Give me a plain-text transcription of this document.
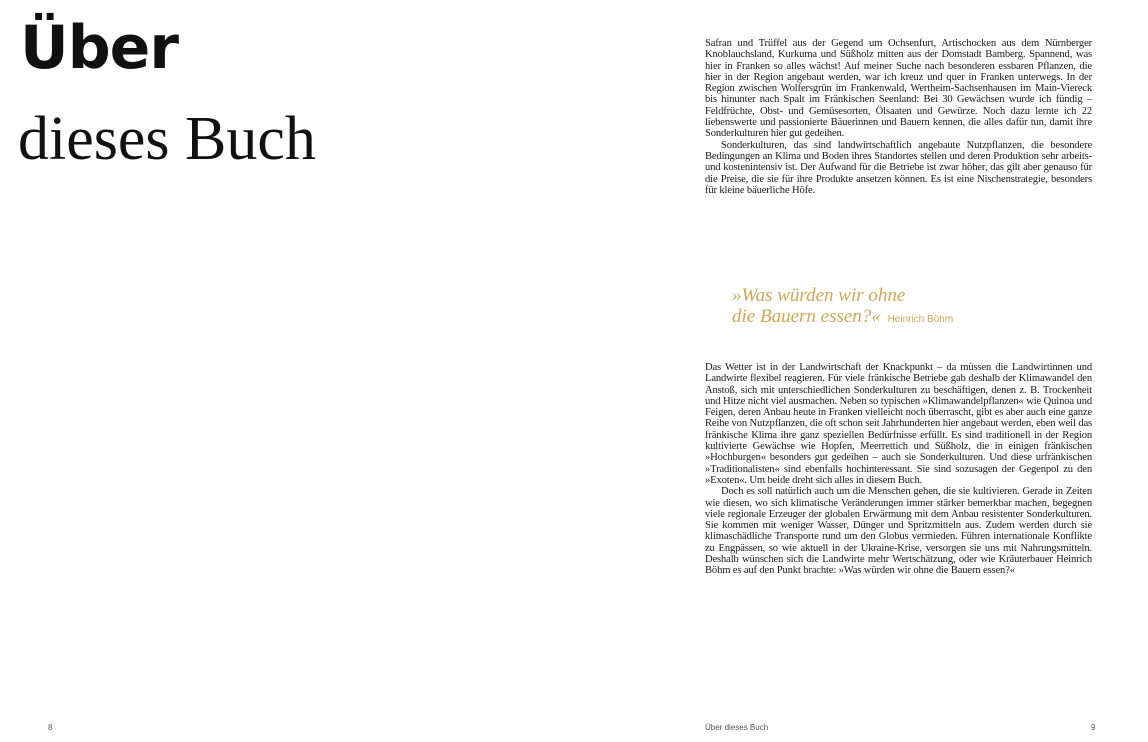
Über
dieses Buch
8

Safran und Trüffel aus der Gegend um Ochsenfurt, Artischocken aus dem Nürnberger Knoblauchsland, Kurkuma und Süßholz mitten aus der Domstadt Bamberg. Spannend, was hier in Franken so alles wächst! Auf meiner Suche nach besonderen essbaren Pflanzen, die hier in der Region angebaut werden, war ich kreuz und quer in Franken unterwegs. In der Region zwischen Wolfersgrün im Frankenwald, Wertheim-Sachsenhausen im Main-Viereck bis hinunter nach Spalt im Fränkischen Seenland: Bei 30 Gewächsen wurde ich fündig – Feldfrüchte, Obst- und Gemüsesorten, Ölsaaten und Gewürze. Noch dazu lernte ich 22 liebenswerte und passionierte Bäuerinnen und Bauern kennen, die alles dafür tun, damit ihre Sonderkulturen hier gut gedeihen.

Sonderkulturen, das sind landwirtschaftlich angebaute Nutzpflanzen, die besondere Bedingungen an Klima und Boden ihres Standortes stellen und deren Produktion sehr arbeits- und kostenintensiv ist. Der Aufwand für die Betriebe ist zwar höher, das gilt aber genauso für die Preise, die sie für ihre Produkte ansetzen können. Es ist eine Nischenstrategie, besonders für kleine bäuerliche Höfe.

»Was würden wir ohne
die Bauern essen?« Heinrich Böhm

Das Wetter ist in der Landwirtschaft der Knackpunkt – da müssen die Landwirtinnen und Landwirte flexibel reagieren. Für viele fränkische Betriebe gab deshalb der Klimawandel den Anstoß, sich mit unterschiedlichen Sonderkulturen zu beschäftigen, denen z. B. Trockenheit und Hitze nicht viel ausmachen. Neben so typischen »Klimawandelpflanzen« wie Quinoa und Feigen, deren Anbau heute in Franken vielleicht noch überrascht, gibt es aber auch eine ganze Reihe von Nutzpflanzen, die oft schon seit Jahrhunderten hier angebaut werden, eben weil das fränkische Klima ihre ganz speziellen Bedürfnisse erfüllt. Es sind traditionell in der Region kultivierte Gewächse wie Hopfen, Meerrettich und Süßholz, die in einigen fränkischen »Hochburgen« besonders gut gedeihen – auch sie Sonderkulturen. Und diese urfränkischen »Traditionalisten« sind ebenfalls hochinteressant. Sie sind sozusagen der Gegenpol zu den »Exoten«. Um beide dreht sich alles in diesem Buch.

Doch es soll natürlich auch um die Menschen gehen, die sie kultivieren. Gerade in Zeiten wie diesen, wo sich klimatische Veränderungen immer stärker bemerkbar machen, begegnen viele regionale Erzeuger der globalen Erwärmung mit dem Anbau resistenter Sonderkulturen. Sie kommen mit weniger Wasser, Dünger und Spritzmitteln aus. Zudem werden durch sie klimaschädliche Transporte rund um den Globus vermieden. Führen internationale Konflikte zu Engpässen, so wie aktuell in der Ukraine-Krise, versorgen sie uns mit Nahrungsmitteln. Deshalb wünschen sich die Landwirte mehr Wertschätzung, oder wie Kräuterbauer Heinrich Böhm es auf den Punkt brachte: »Was würden wir ohne die Bauern essen?«

Über dieses Buch	9
